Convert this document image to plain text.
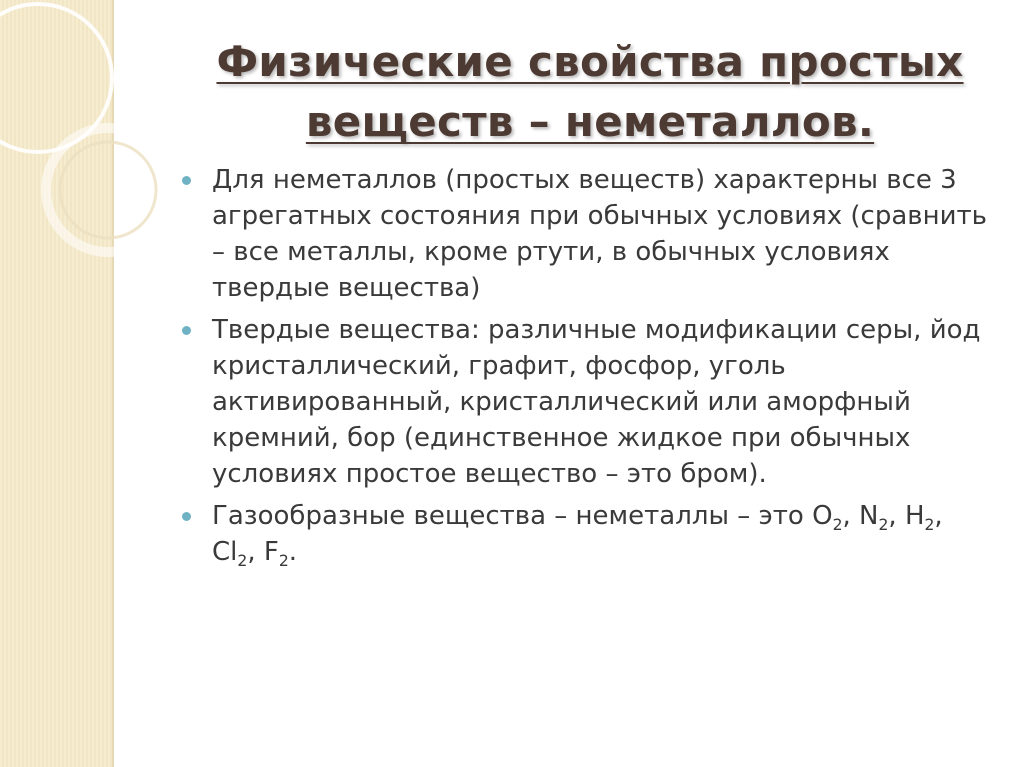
Физические свойства простых
веществ – неметаллов.
Для неметаллов (простых веществ) характерны все 3 агрегатных состояния при обычных условиях (сравнить – все металлы, кроме ртути, в обычных условиях твердые вещества)
Твердые вещества: различные модификации серы, йод кристаллический, графит, фосфор, уголь активированный, кристаллический или аморфный кремний, бор (единственное жидкое при обычных условиях простое вещество – это бром).
Газообразные вещества – неметаллы – это $O_2$, $N_2$, $H_2$, $Cl_2$, $F_2$.
